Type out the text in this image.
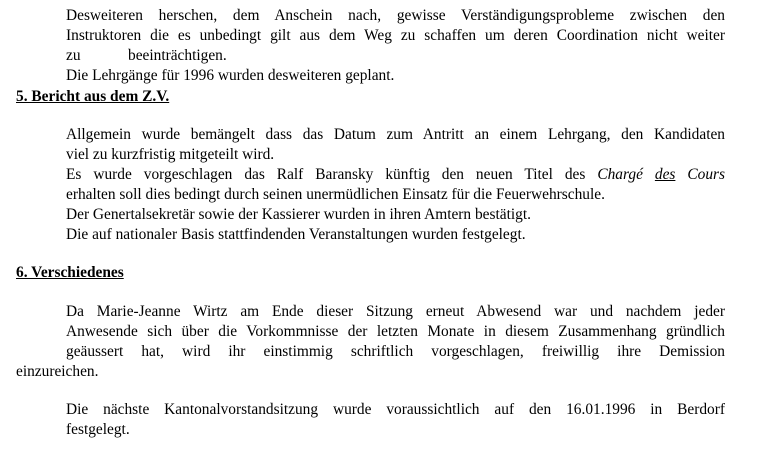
Desweiteren herschen, dem Anschein nach, gewisse Verständigungsprobleme zwischen den
Instruktoren die es unbedingt gilt aus dem Weg zu schaffen um deren Coordination nicht weiter
zu	beeinträchtigen.
Die Lehrgänge für 1996 wurden desweiteren geplant.
5. Bericht aus dem Z.V.
Allgemein wurde bemängelt dass das Datum zum Antritt an einem Lehrgang, den Kandidaten
viel zu kurzfristig mitgeteilt wird.
Es wurde vorgeschlagen das Ralf Baransky künftig den neuen Titel des Chargé des Cours
erhalten soll dies bedingt durch seinen unermüdlichen Einsatz für die Feuerwehrschule.
Der Genertalsekretär sowie der Kassierer wurden in ihren Amtern bestätigt.
Die auf nationaler Basis stattfindenden Veranstaltungen wurden festgelegt.
6. Verschiedenes
Da Marie-Jeanne Wirtz am Ende dieser Sitzung erneut Abwesend war und nachdem jeder
Anwesende sich über die Vorkommnisse der letzten Monate in diesem Zusammenhang gründlich
geäussert hat, wird ihr einstimmig schriftlich vorgeschlagen, freiwillig ihre Demission
einzureichen.
Die nächste Kantonalvorstandsitzung wurde voraussichtlich auf den 16.01.1996 in Berdorf
festgelegt.
